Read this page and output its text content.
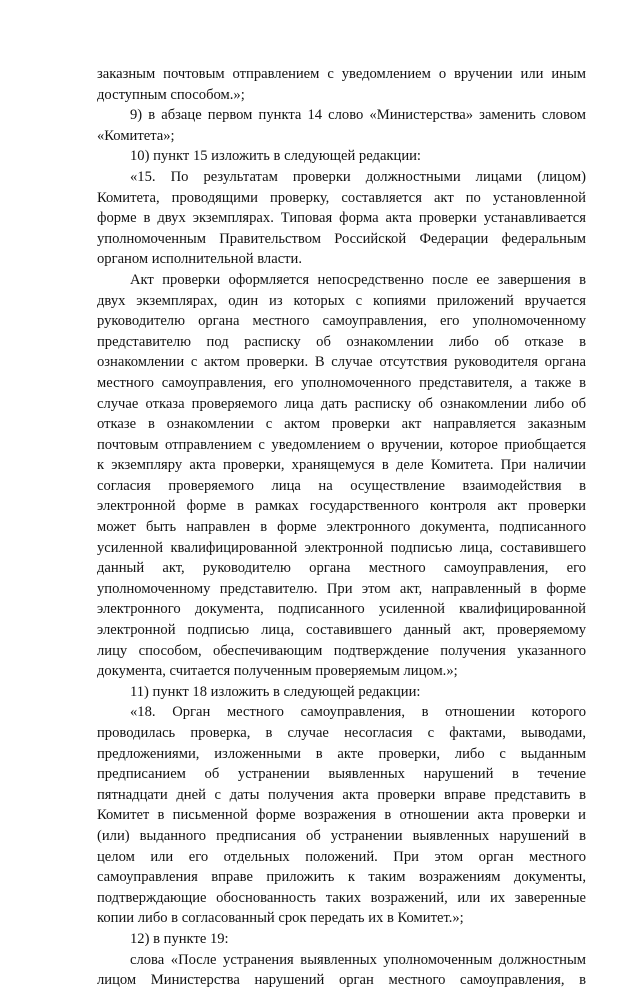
заказным почтовым отправлением с уведомлением о вручении или иным
доступным способом.»;
9) в абзаце первом пункта 14 слово «Министерства» заменить словом
«Комитета»;
10) пункт 15 изложить в следующей редакции:
«15. По результатам проверки должностными лицами (лицом)
Комитета, проводящими проверку, составляется акт по установленной
форме в двух экземплярах. Типовая форма акта проверки устанавливается
уполномоченным Правительством Российской Федерации федеральным
органом исполнительной власти.
Акт проверки оформляется непосредственно после ее завершения в
двух экземплярах, один из которых с копиями приложений вручается
руководителю органа местного самоуправления, его уполномоченному
представителю под расписку об ознакомлении либо об отказе в
ознакомлении с актом проверки. В случае отсутствия руководителя органа
местного самоуправления, его уполномоченного представителя, а также в
случае отказа проверяемого лица дать расписку об ознакомлении либо об
отказе в ознакомлении с актом проверки акт направляется заказным
почтовым отправлением с уведомлением о вручении, которое приобщается
к экземпляру акта проверки, хранящемуся в деле Комитета. При наличии
согласия проверяемого лица на осуществление взаимодействия в
электронной форме в рамках государственного контроля акт проверки
может быть направлен в форме электронного документа, подписанного
усиленной квалифицированной электронной подписью лица, составившего
данный акт, руководителю органа местного самоуправления, его
уполномоченному представителю. При этом акт, направленный в форме
электронного документа, подписанного усиленной квалифицированной
электронной подписью лица, составившего данный акт, проверяемому
лицу способом, обеспечивающим подтверждение получения указанного
документа, считается полученным проверяемым лицом.»;
11) пункт 18 изложить в следующей редакции:
«18. Орган местного самоуправления, в отношении которого
проводилась проверка, в случае несогласия с фактами, выводами,
предложениями, изложенными в акте проверки, либо с выданным
предписанием об устранении выявленных нарушений в течение
пятнадцати дней с даты получения акта проверки вправе представить в
Комитет в письменной форме возражения в отношении акта проверки и
(или) выданного предписания об устранении выявленных нарушений в
целом или его отдельных положений. При этом орган местного
самоуправления вправе приложить к таким возражениям документы,
подтверждающие обоснованность таких возражений, или их заверенные
копии либо в согласованный срок передать их в Комитет.»;
12) в пункте 19:
слова «После устранения выявленных уполномоченным должностным
лицом Министерства нарушений орган местного самоуправления, в
